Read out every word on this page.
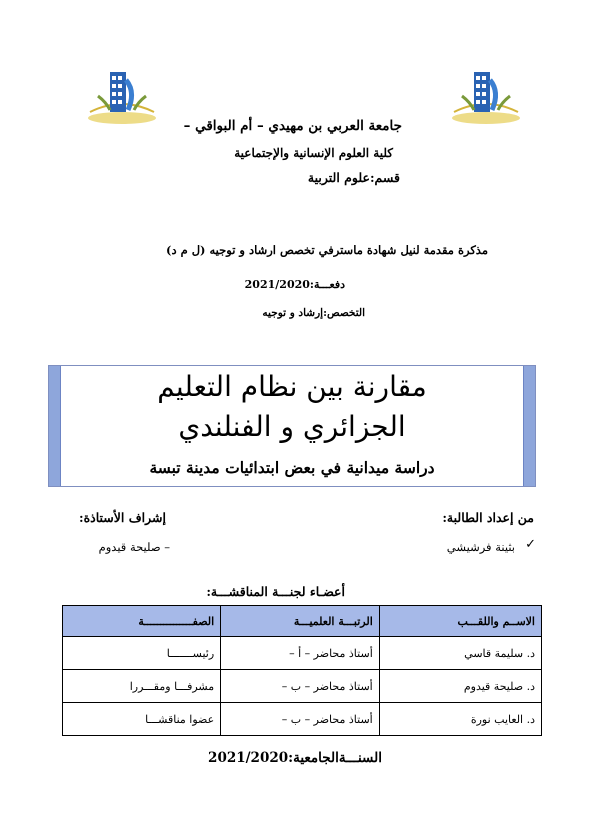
جامعة العربي بن مهيدي – أم البواقي –
كلية العلوم الإنسانية والإجتماعية
قسم:علوم التربية
مذكرة مقدمة لنيل شهادة ماسترفي تخصص ارشاد و توجيه (ل م د)
دفعـــة:2021/2020
التخصص:إرشاد و توجيه
مقارنة بين نظام التعليم
الجزائري و الفنلندي
دراسة ميدانية في بعض ابتدائيات مدينة تبسة
من إعداد الطالبة:
✓
بثينة فرشيشي
إشراف الأستاذة:
– صليحة قيدوم
أعضـاء لجنـــة المناقشـــة:
الاســم واللقـــب	الرتبـــة العلميـــة	الصفـــــــــــــــة
د. سليمة قاسي	أستاذ محاضر – أ –	رئيســـــــا
د. صليحة قيدوم	أستاذ محاضر – ب –	مشرفـــا ومقـــررا
د. العايب نورة	أستاذ محاضر – ب –	عضوا مناقشـــا
السنـــةالجامعية:2021/2020
